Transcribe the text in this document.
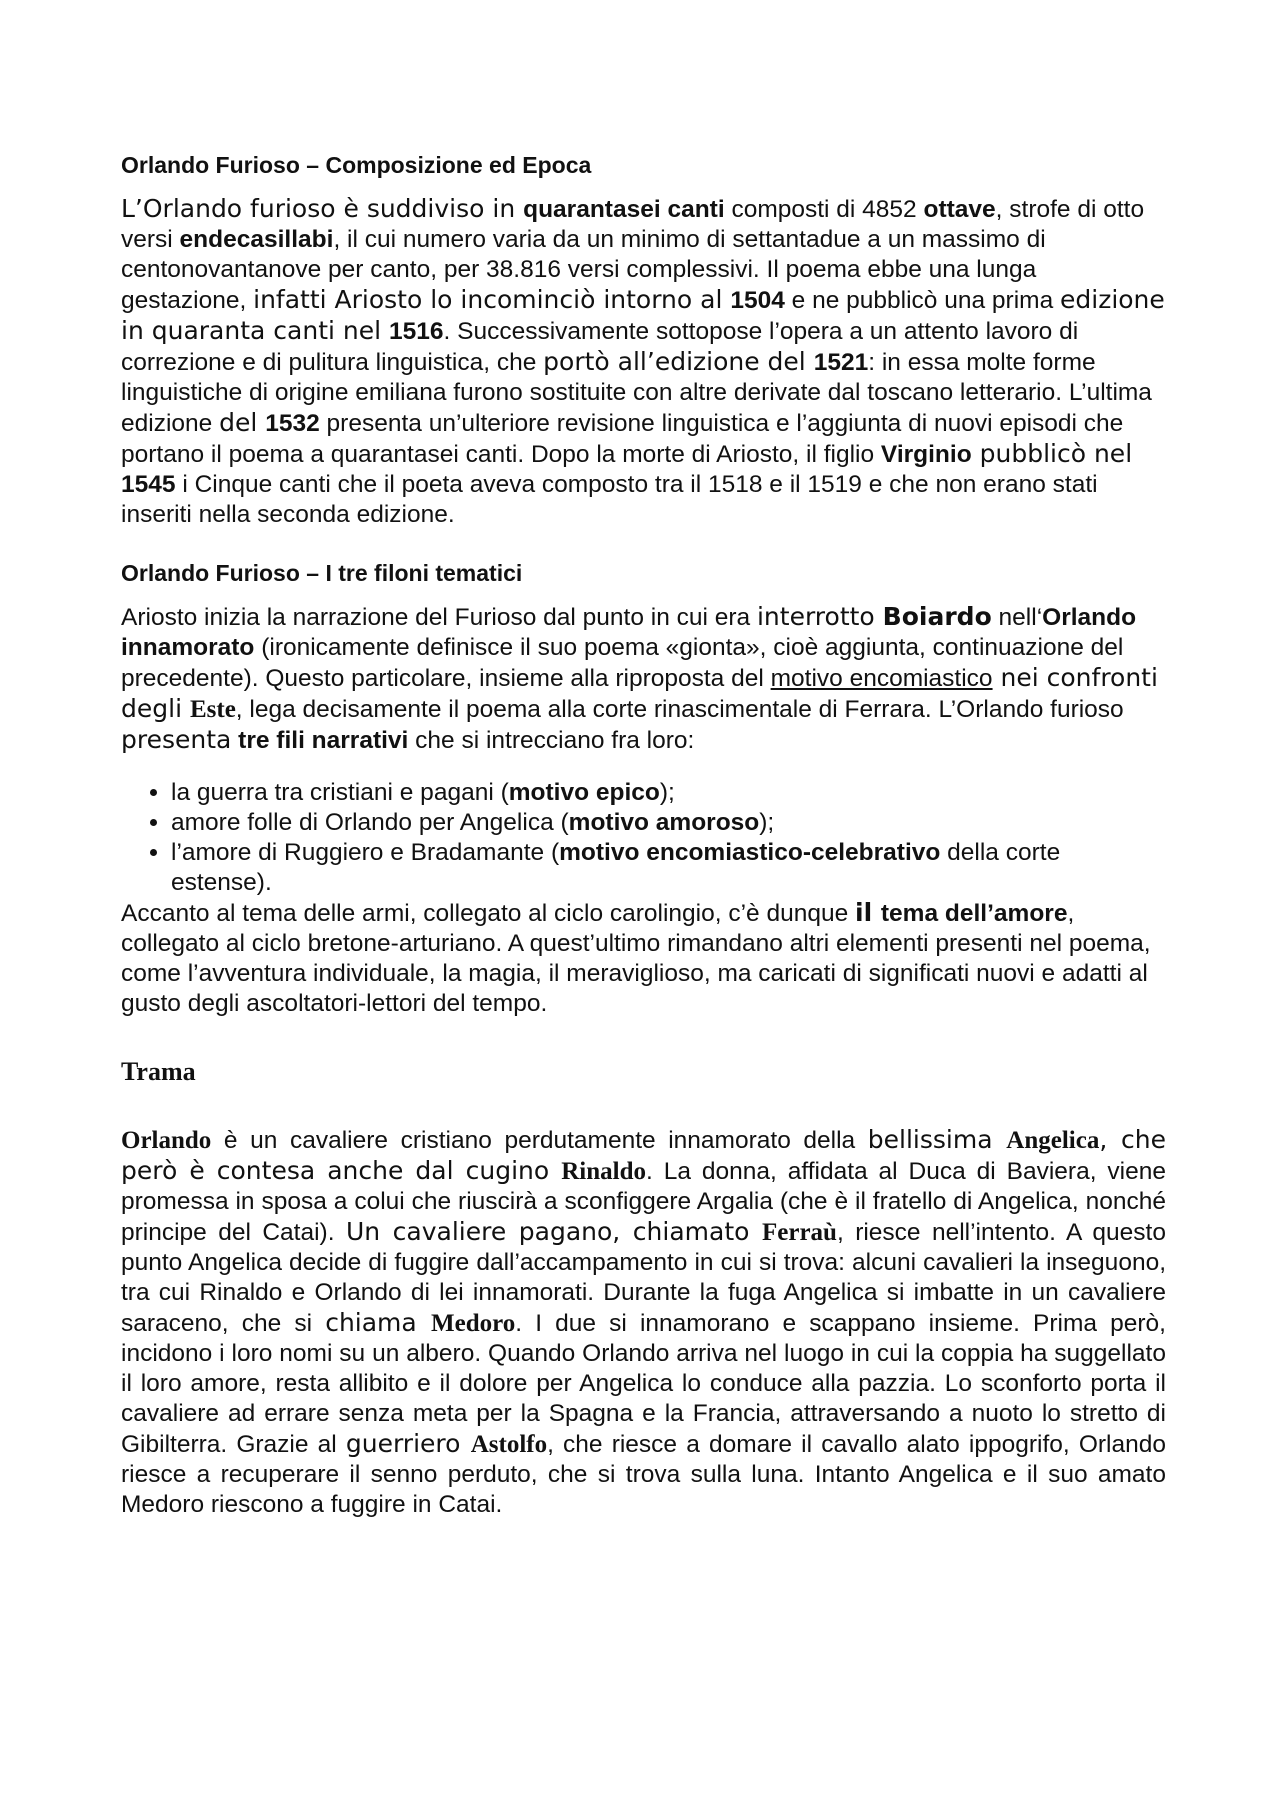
Orlando Furioso – Composizione ed Epoca

L’Orlando furioso è suddiviso in quarantasei canti composti di 4852 ottave, strofe di otto versi endecasillabi, il cui numero varia da un minimo di settantadue a un massimo di centonovantanove per canto, per 38.816 versi complessivi. Il poema ebbe una lunga gestazione, infatti Ariosto lo incominciò intorno al 1504 e ne pubblicò una prima edizione in quaranta canti nel 1516. Successivamente sottopose l’opera a un attento lavoro di correzione e di pulitura linguistica, che portò all’edizione del 1521: in essa molte forme linguistiche di origine emiliana furono sostituite con altre derivate dal toscano letterario. L’ultima edizione del 1532 presenta un’ulteriore revisione linguistica e l’aggiunta di nuovi episodi che portano il poema a quarantasei canti. Dopo la morte di Ariosto, il figlio Virginio pubblicò nel 1545 i Cinque canti che il poeta aveva composto tra il 1518 e il 1519 e che non erano stati inseriti nella seconda edizione.

Orlando Furioso – I tre filoni tematici

Ariosto inizia la narrazione del Furioso dal punto in cui era interrotto Boiardo nell‘Orlando innamorato (ironicamente definisce il suo poema «gionta», cioè aggiunta, continuazione del precedente). Questo particolare, insieme alla riproposta del motivo encomiastico nei confronti degli Este, lega decisamente il poema alla corte rinascimentale di Ferrara. L’Orlando furioso presenta tre fili narrativi che si intrecciano fra loro:

• la guerra tra cristiani e pagani (motivo epico);
• amore folle di Orlando per Angelica (motivo amoroso);
• l’amore di Ruggiero e Bradamante (motivo encomiastico-celebrativo della corte estense).

Accanto al tema delle armi, collegato al ciclo carolingio, c’è dunque il tema dell’amore, collegato al ciclo bretone-arturiano. A quest’ultimo rimandano altri elementi presenti nel poema, come l’avventura individuale, la magia, il meraviglioso, ma caricati di significati nuovi e adatti al gusto degli ascoltatori-lettori del tempo.

Trama

Orlando è un cavaliere cristiano perdutamente innamorato della bellissima Angelica, che però è contesa anche dal cugino Rinaldo. La donna, affidata al Duca di Baviera, viene promessa in sposa a colui che riuscirà a sconfiggere Argalia (che è il fratello di Angelica, nonché principe del Catai). Un cavaliere pagano, chiamato Ferraù, riesce nell’intento. A questo punto Angelica decide di fuggire dall’accampamento in cui si trova: alcuni cavalieri la inseguono, tra cui Rinaldo e Orlando di lei innamorati. Durante la fuga Angelica si imbatte in un cavaliere saraceno, che si chiama Medoro. I due si innamorano e scappano insieme. Prima però, incidono i loro nomi su un albero. Quando Orlando arriva nel luogo in cui la coppia ha suggellato il loro amore, resta allibito e il dolore per Angelica lo conduce alla pazzia. Lo sconforto porta il cavaliere ad errare senza meta per la Spagna e la Francia, attraversando a nuoto lo stretto di Gibilterra. Grazie al guerriero Astolfo, che riesce a domare il cavallo alato ippogrifo, Orlando riesce a recuperare il senno perduto, che si trova sulla luna. Intanto Angelica e il suo amato Medoro riescono a fuggire in Catai.
